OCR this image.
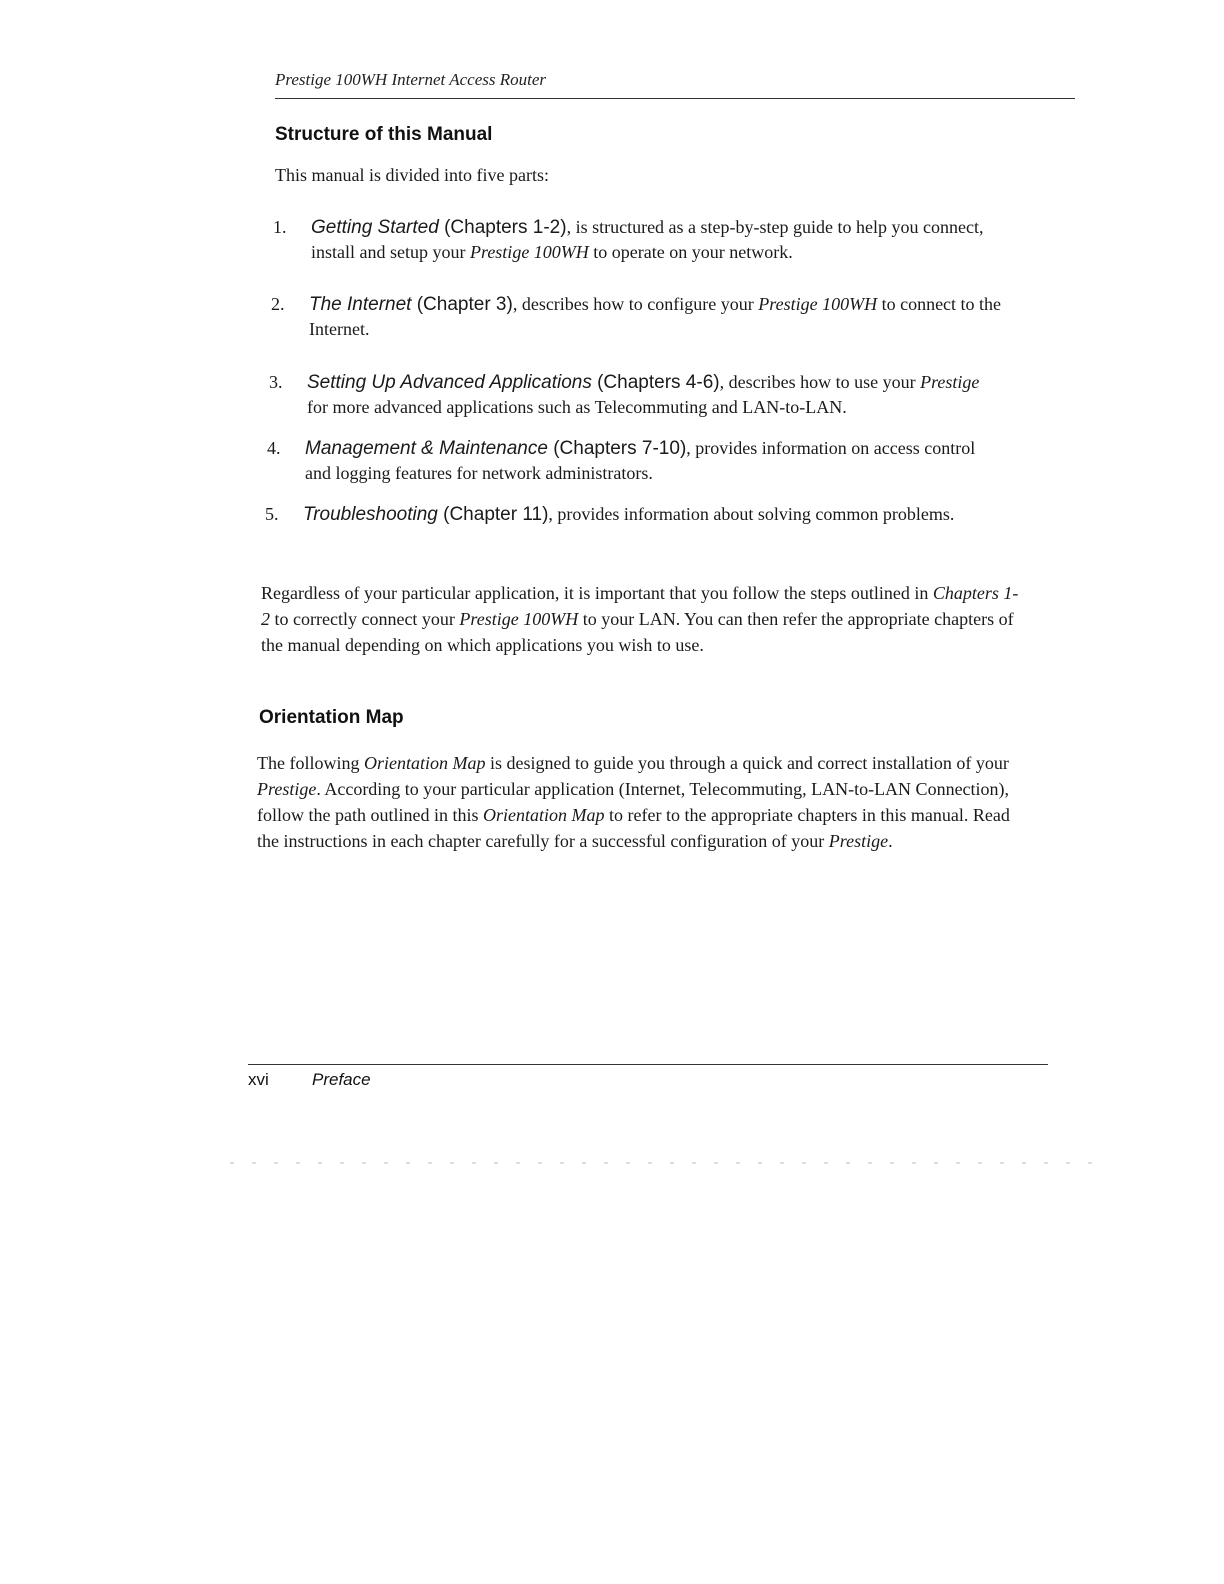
Prestige 100WH Internet Access Router
Structure of this Manual
This manual is divided into five parts:
1. Getting Started (Chapters 1-2), is structured as a step-by-step guide to help you connect, install and setup your Prestige 100WH to operate on your network.
2. The Internet (Chapter 3), describes how to configure your Prestige 100WH to connect to the Internet.
3. Setting Up Advanced Applications (Chapters 4-6), describes how to use your Prestige for more advanced applications such as Telecommuting and LAN-to-LAN.
4. Management & Maintenance (Chapters 7-10), provides information on access control and logging features for network administrators.
5. Troubleshooting (Chapter 11), provides information about solving common problems.
Regardless of your particular application, it is important that you follow the steps outlined in Chapters 1-2 to correctly connect your Prestige 100WH to your LAN. You can then refer the appropriate chapters of the manual depending on which applications you wish to use.
Orientation Map
The following Orientation Map is designed to guide you through a quick and correct installation of your Prestige. According to your particular application (Internet, Telecommuting, LAN-to-LAN Connection), follow the path outlined in this Orientation Map to refer to the appropriate chapters in this manual. Read the instructions in each chapter carefully for a successful configuration of your Prestige.
xvi	Preface
